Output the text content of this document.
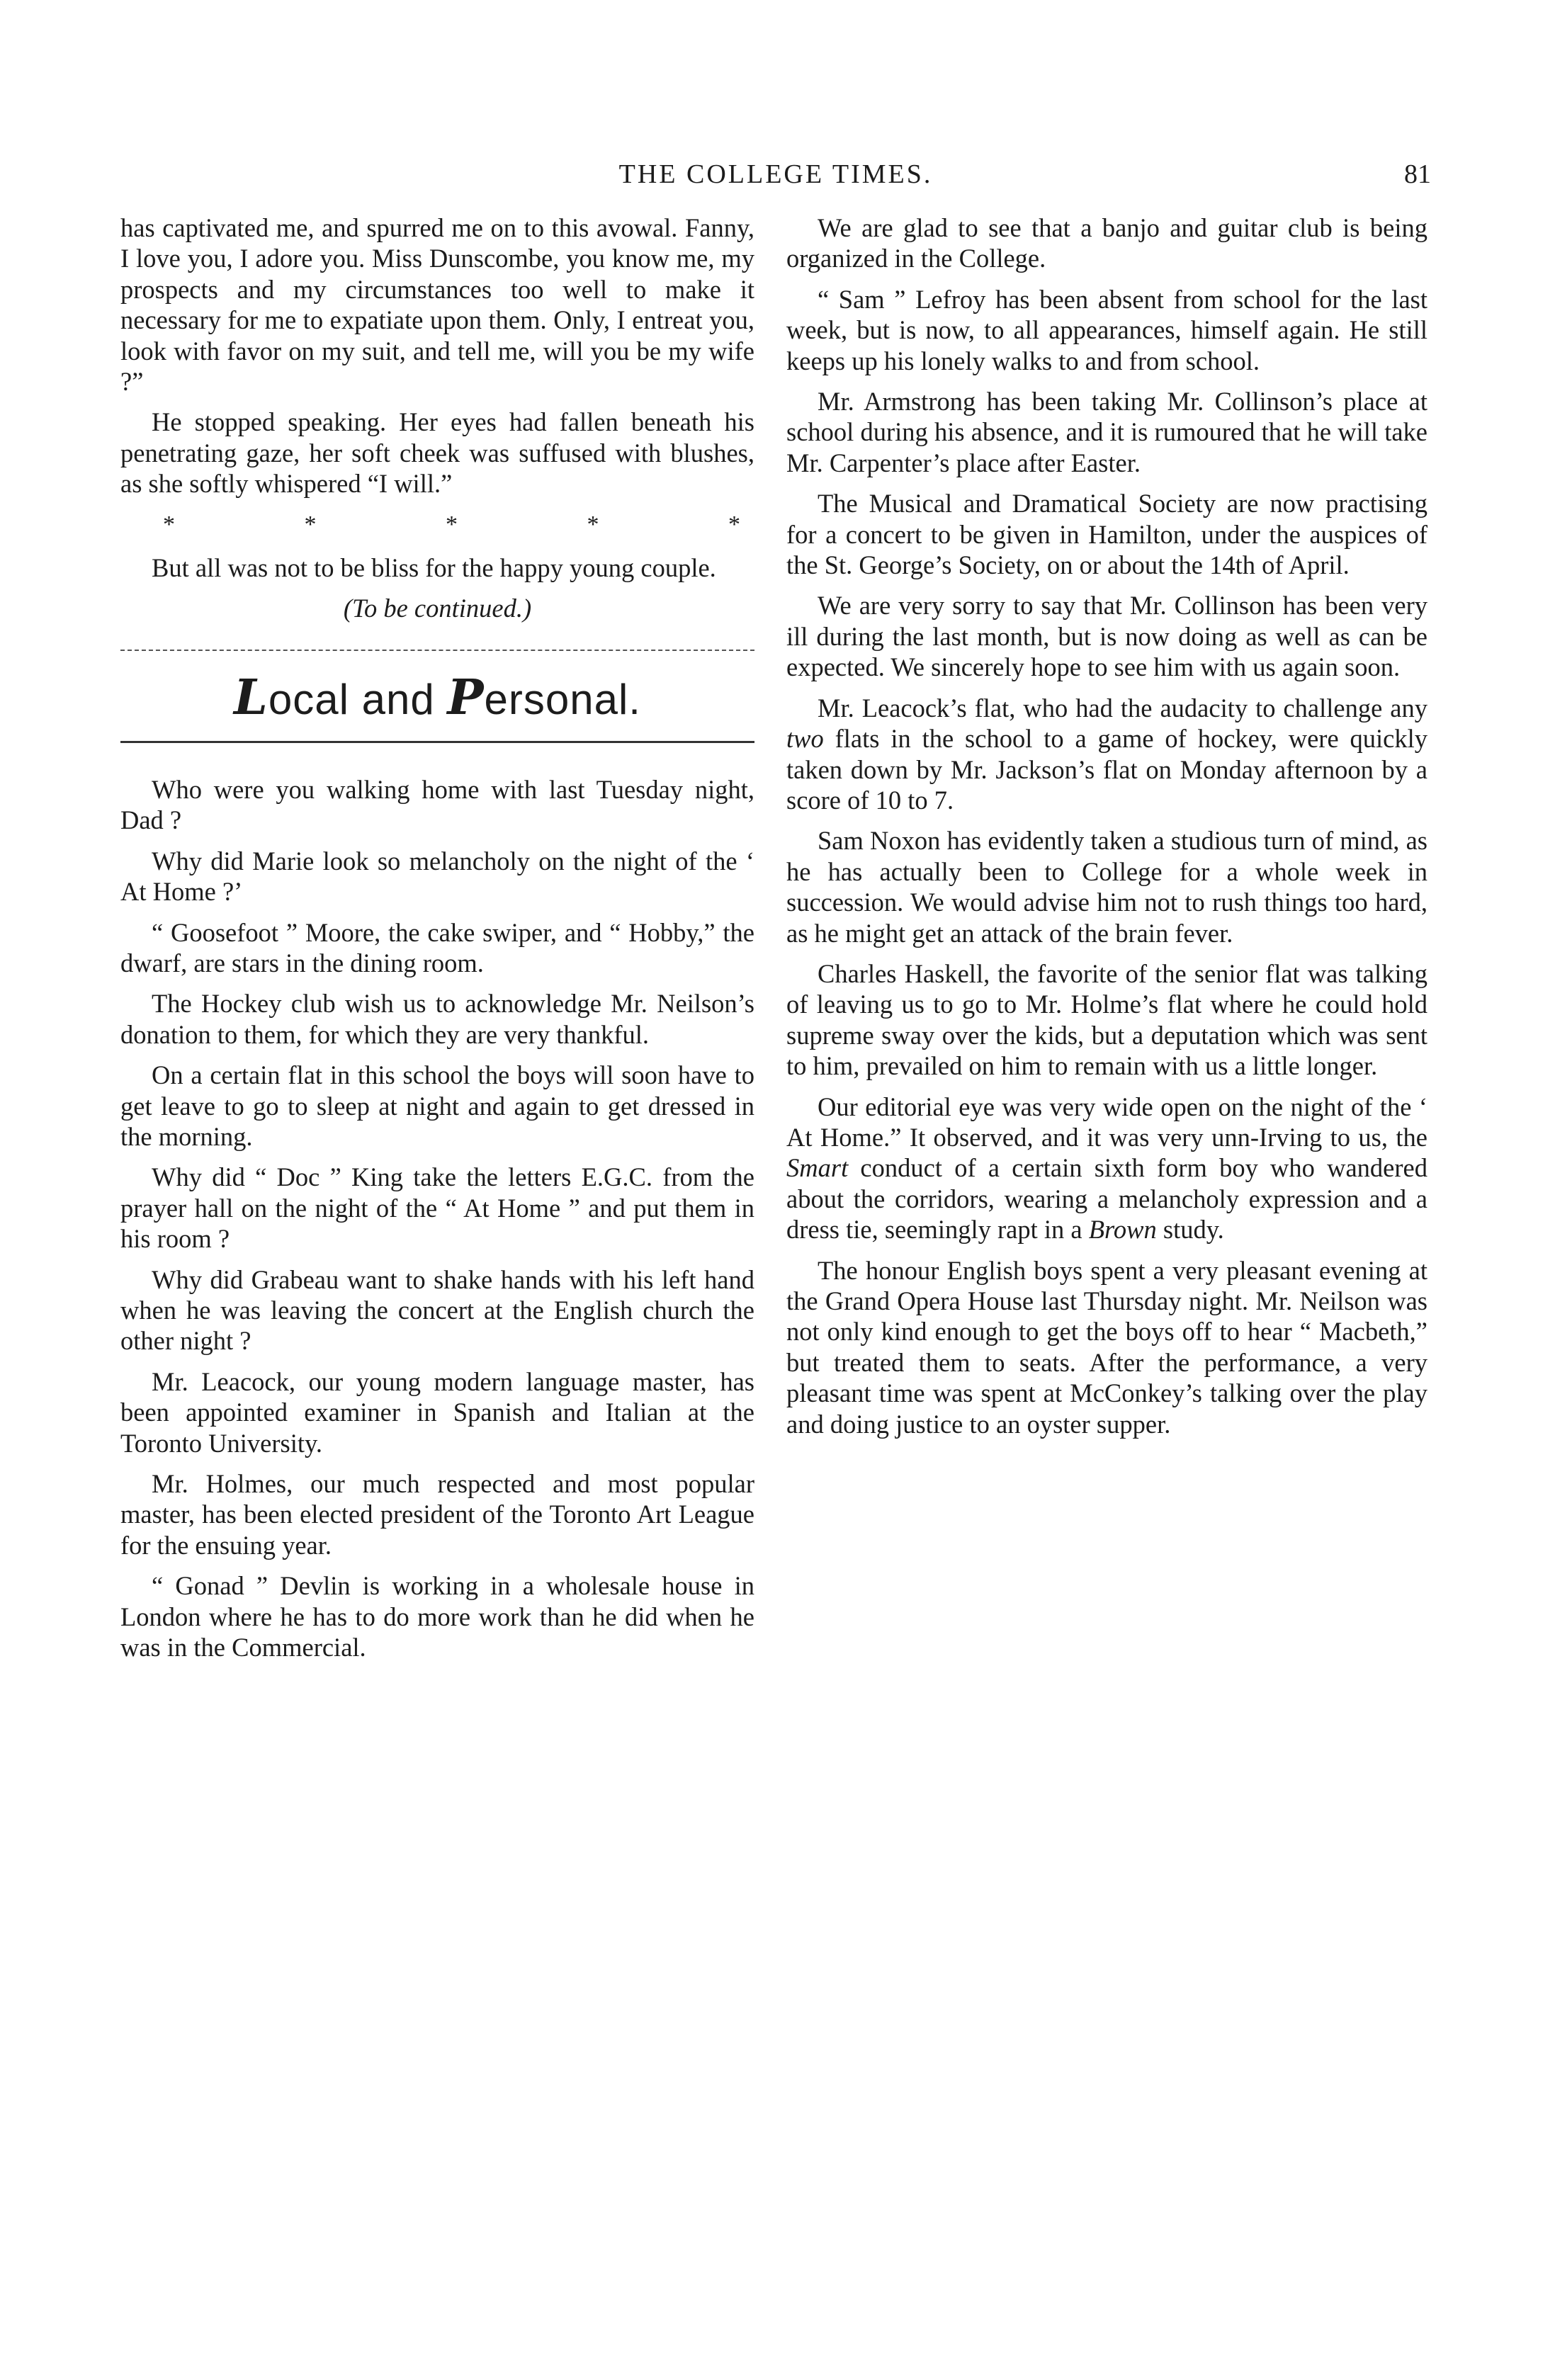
THE COLLEGE TIMES.	81

has captivated me, and spurred me on to this avowal. Fanny, I love you, I adore you. Miss Dunscombe, you know me, my prospects and my circumstances too well to make it necessary for me to expatiate upon them. Only, I entreat you, look with favor on my suit, and tell me, will you be my wife ?”

He stopped speaking. Her eyes had fallen beneath his penetrating gaze, her soft cheek was suffused with blushes, as she softly whispered “I will.”

*	*	*	*	*

But all was not to be bliss for the happy young couple.

(To be continued.)
Local and Personal.

Who were you walking home with last Tuesday night, Dad ?

Why did Marie look so melancholy on the night of the ‘ At Home ?’

“ Goosefoot ” Moore, the cake swiper, and “ Hobby,” the dwarf, are stars in the dining room.

The Hockey club wish us to acknowledge Mr. Neilson’s donation to them, for which they are very thankful.

On a certain flat in this school the boys will soon have to get leave to go to sleep at night and again to get dressed in the morning.

Why did “ Doc ” King take the letters E.G.C. from the prayer hall on the night of the “ At Home ” and put them in his room ?

Why did Grabeau want to shake hands with his left hand when he was leaving the concert at the English church the other night ?

Mr. Leacock, our young modern language master, has been appointed examiner in Spanish and Italian at the Toronto University.

Mr. Holmes, our much respected and most popular master, has been elected president of the Toronto Art League for the ensuing year.

“ Gonad ” Devlin is working in a wholesale house in London where he has to do more work than he did when he was in the Commercial.

We are glad to see that a banjo and guitar club is being organized in the College.

“ Sam ” Lefroy has been absent from school for the last week, but is now, to all appearances, himself again. He still keeps up his lonely walks to and from school.

Mr. Armstrong has been taking Mr. Collinson’s place at school during his absence, and it is rumoured that he will take Mr. Carpenter’s place after Easter.

The Musical and Dramatical Society are now practising for a concert to be given in Hamilton, under the auspices of the St. George’s Society, on or about the 14th of April.

We are very sorry to say that Mr. Collinson has been very ill during the last month, but is now doing as well as can be expected. We sincerely hope to see him with us again soon.

Mr. Leacock’s flat, who had the audacity to challenge any two flats in the school to a game of hockey, were quickly taken down by Mr. Jackson’s flat on Monday afternoon by a score of 10 to 7.

Sam Noxon has evidently taken a studious turn of mind, as he has actually been to College for a whole week in succession. We would advise him not to rush things too hard, as he might get an attack of the brain fever.

Charles Haskell, the favorite of the senior flat was talking of leaving us to go to Mr. Holme’s flat where he could hold supreme sway over the kids, but a deputation which was sent to him, prevailed on him to remain with us a little longer.

Our editorial eye was very wide open on the night of the ‘ At Home.” It observed, and it was very unn-Irving to us, the Smart conduct of a certain sixth form boy who wandered about the corridors, wearing a melancholy expression and a dress tie, seemingly rapt in a Brown study.

The honour English boys spent a very pleasant evening at the Grand Opera House last Thursday night. Mr. Neilson was not only kind enough to get the boys off to hear “ Macbeth,” but treated them to seats. After the performance, a very pleasant time was spent at McConkey’s talking over the play and doing justice to an oyster supper.
